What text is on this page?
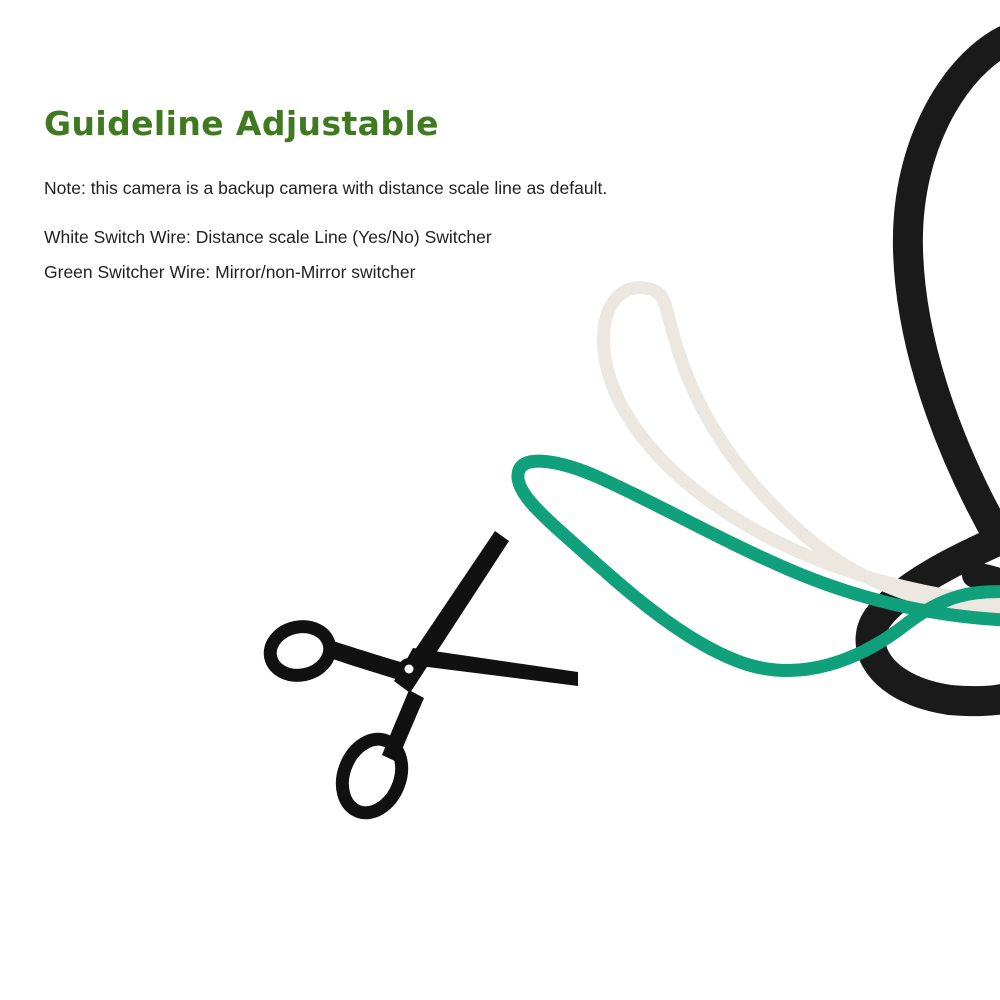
Guideline Adjustable
Note: this camera is a backup camera with distance scale line as default.
White Switch Wire: Distance scale Line (Yes/No) Switcher
Green Switcher Wire: Mirror/non-Mirror switcher
